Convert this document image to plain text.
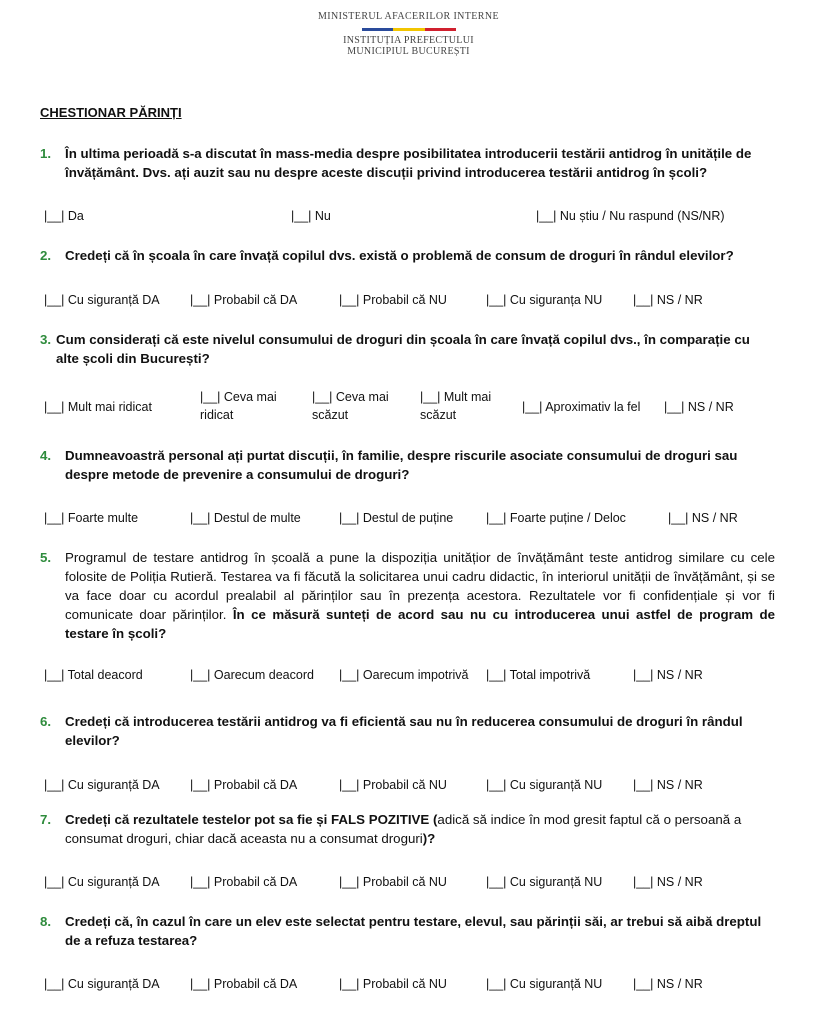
MINISTERUL AFACERILOR INTERNE
INSTITUȚIA PREFECTULUI
MUNICIPIUL BUCUREȘTI
CHESTIONAR PĂRINȚI
1. În ultima perioadă s-a discutat în mass-media despre posibilitatea introducerii testării antidrog în unitățile de învățământ. Dvs. ați auzit sau nu despre aceste discuții privind introducerea testării antidrog în școli?
|__| Da	|__| Nu	|__| Nu știu / Nu raspund (NS/NR)
2. Credeți că în școala în care învață copilul dvs. există o problemă de consum de droguri în rândul elevilor?
|__| Cu siguranță DA |__| Probabil că DA	|__| Probabil că NU	|__| Cu siguranța NU |__| NS / NR
3. Cum considerați că este nivelul consumului de droguri din școala în care învață copilul dvs., în comparație cu alte școli din București?
|__| Mult mai ridicat
|__| Ceva mai ridicat
|__| Ceva mai scăzut
|__| Mult mai scăzut
|__| Aproximativ la fel |__| NS / NR
4. Dumneavoastră personal ați purtat discuții, în familie, despre riscurile asociate consumului de droguri sau despre metode de prevenire a consumului de droguri?
|__| Foarte multe	|__| Destul de multe	|__| Destul de puține	|__| Foarte puține / Deloc	|__| NS / NR
5. Programul de testare antidrog în școală a pune la dispoziția unitățior de învățământ teste antidrog similare cu cele folosite de Poliția Rutieră. Testarea va fi făcută la solicitarea unui cadru didactic, în interiorul unității de învățământ, și se va face doar cu acordul prealabil al părinților sau în prezența acestora. Rezultatele vor fi confidențiale și vor fi comunicate doar părinților. În ce măsură sunteți de acord sau nu cu introducerea unui astfel de program de testare în școli?
|__| Total deacord	|__| Oarecum deacord |__| Oarecum impotrivă |__| Total impotrivă	|__| NS / NR
6. Credeți că introducerea testării antidrog va fi eficientă sau nu în reducerea consumului de droguri în rândul elevilor?
|__| Cu siguranță DA |__| Probabil că DA	|__| Probabil că NU	|__| Cu siguranță NU |__| NS / NR
7. Credeți că rezultatele testelor pot sa fie și FALS POZITIVE (adică să indice în mod gresit faptul că o persoană a consumat droguri, chiar dacă aceasta nu a consumat droguri)?
|__| Cu siguranță DA |__| Probabil că DA	|__| Probabil că NU	|__| Cu siguranță NU |__| NS / NR
8. Credeți că, în cazul în care un elev este selectat pentru testare, elevul, sau părinții săi, ar trebui să aibă dreptul de a refuza testarea?
|__| Cu siguranță DA |__| Probabil că DA	|__| Probabil că NU	|__| Cu siguranță NU |__| NS / NR
